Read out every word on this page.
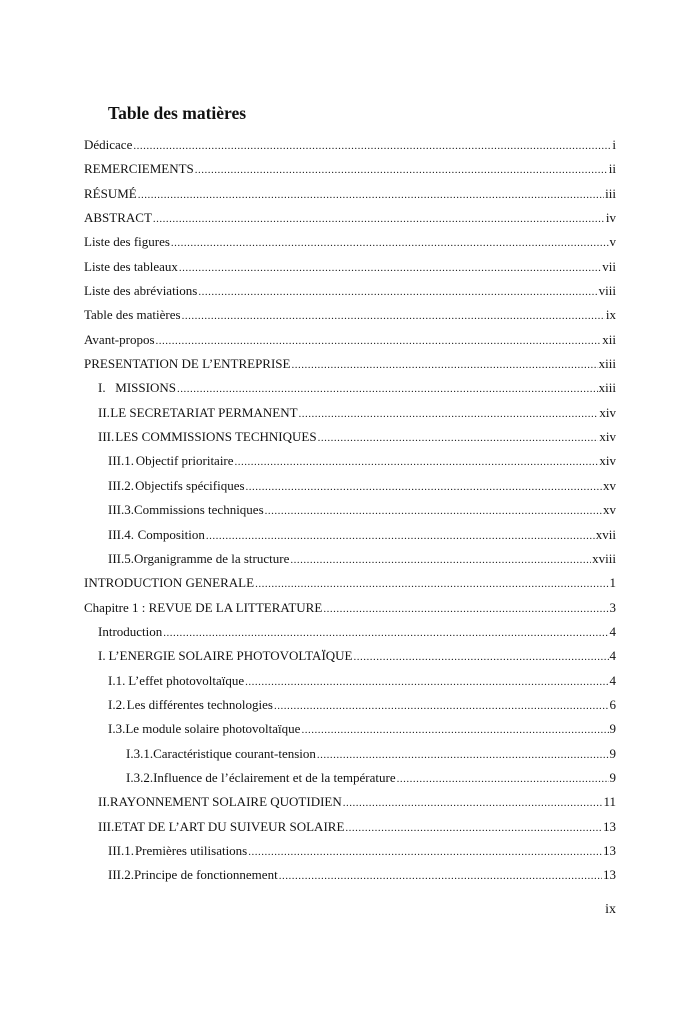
Table des matières
Dédicace .....	i
REMERCIEMENTS .....	ii
RÉSUMÉ .....	iii
ABSTRACT .....	iv
Liste des figures .....	v
Liste des tableaux .....	vii
Liste des abréviations .....	viii
Table des matières .....	ix
Avant-propos .....	xii
PRESENTATION DE L’ENTREPRISE .....	xiii
I. MISSIONS .....	xiii
II. LE SECRETARIAT PERMANENT .....	xiv
III. LES COMMISSIONS TECHNIQUES .....	xiv
III.1. Objectif prioritaire .....	xiv
III.2. Objectifs spécifiques .....	xv
III.3. Commissions techniques .....	xv
III.4. Composition .....	xvii
III.5. Organigramme de la structure .....	xviii
INTRODUCTION GENERALE .....	1
Chapitre 1 : REVUE DE LA LITTERATURE .....	3
Introduction .....	4
I. L’ENERGIE SOLAIRE PHOTOVOLTAÏQUE .....	4
I.1. L’effet photovoltaïque .....	4
I.2. Les différentes technologies .....	6
I.3. Le module solaire photovoltaïque .....	9
I.3.1. Caractéristique courant-tension .....	9
I.3.2. Influence de l’éclairement et de la température .....	9
II. RAYONNEMENT SOLAIRE QUOTIDIEN .....	11
III. ETAT DE L’ART DU SUIVEUR SOLAIRE .....	13
III.1. Premières utilisations .....	13
III.2. Principe de fonctionnement .....	13
ix
